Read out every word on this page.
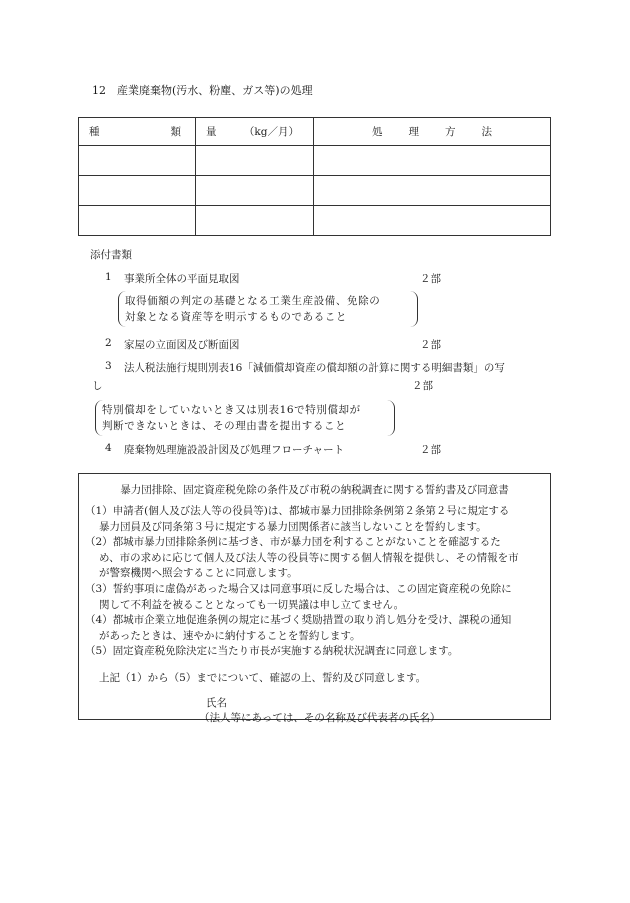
12　産業廃棄物(汚水、粉塵、ガス等)の処理
種 類	量 （kg／月）	処 理 方 法

添付書類
1 事業所全体の平面見取図	２部
取得価額の判定の基礎となる工業生産設備、免除の
対象となる資産等を明示するものであること
2 家屋の立面図及び断面図	２部
3 法人税法施行規則別表16「減価償却資産の償却額の計算に関する明細書類」の写
し	２部
特別償却をしていないとき又は別表16で特別償却が
判断できないときは、その理由書を提出すること
4 廃棄物処理施設設計図及び処理フローチャート	２部
暴力団排除、固定資産税免除の条件及び市税の納税調査に関する誓約書及び同意書
（1）申請者(個人及び法人等の役員等)は、都城市暴力団排除条例第２条第２号に規定する
暴力団員及び同条第３号に規定する暴力団関係者に該当しないことを誓約します。
（2）都城市暴力団排除条例に基づき、市が暴力団を利することがないことを確認するた
め、市の求めに応じて個人及び法人等の役員等に関する個人情報を提供し、その情報を市
が警察機関へ照会することに同意します。
（3）誓約事項に虚偽があった場合又は同意事項に反した場合は、この固定資産税の免除に
関して不利益を被ることとなっても一切異議は申し立てません。
（4）都城市企業立地促進条例の規定に基づく奨励措置の取り消し処分を受け、課税の通知
があったときは、速やかに納付することを誓約します。
（5）固定資産税免除決定に当たり市長が実施する納税状況調査に同意します。
上記（1）から（5）までについて、確認の上、誓約及び同意します。
氏名
（法人等にあっては、その名称及び代表者の氏名）
